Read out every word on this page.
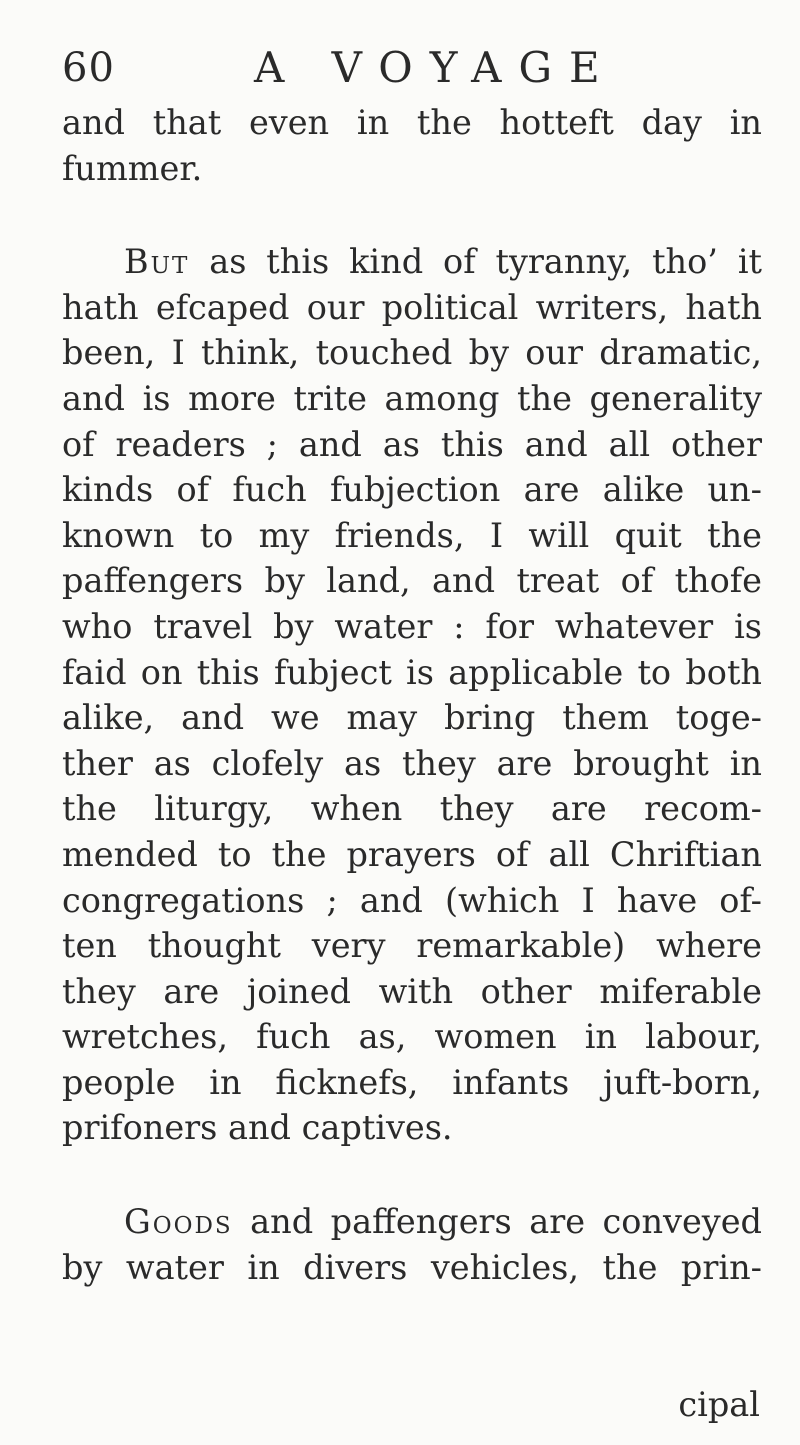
60	A VOYAGE
and that even in the hotteft day in
fummer.
But as this kind of tyranny, tho’ it
hath efcaped our political writers, hath
been, I think, touched by our dramatic,
and is more trite among the generality
of readers ; and as this and all other
kinds of fuch fubjection are alike un-
known to my friends, I will quit the
paffengers by land, and treat of thofe
who travel by water : for whatever is
faid on this fubject is applicable to both
alike, and we may bring them toge-
ther as clofely as they are brought in
the liturgy, when they are recom-
mended to the prayers of all Chriftian
congregations ; and (which I have of-
ten thought very remarkable) where
they are joined with other miferable
wretches, fuch as, women in labour,
people in ficknefs, infants juft-born,
prifoners and captives.
Goods and paffengers are conveyed
by water in divers vehicles, the prin-
cipal
